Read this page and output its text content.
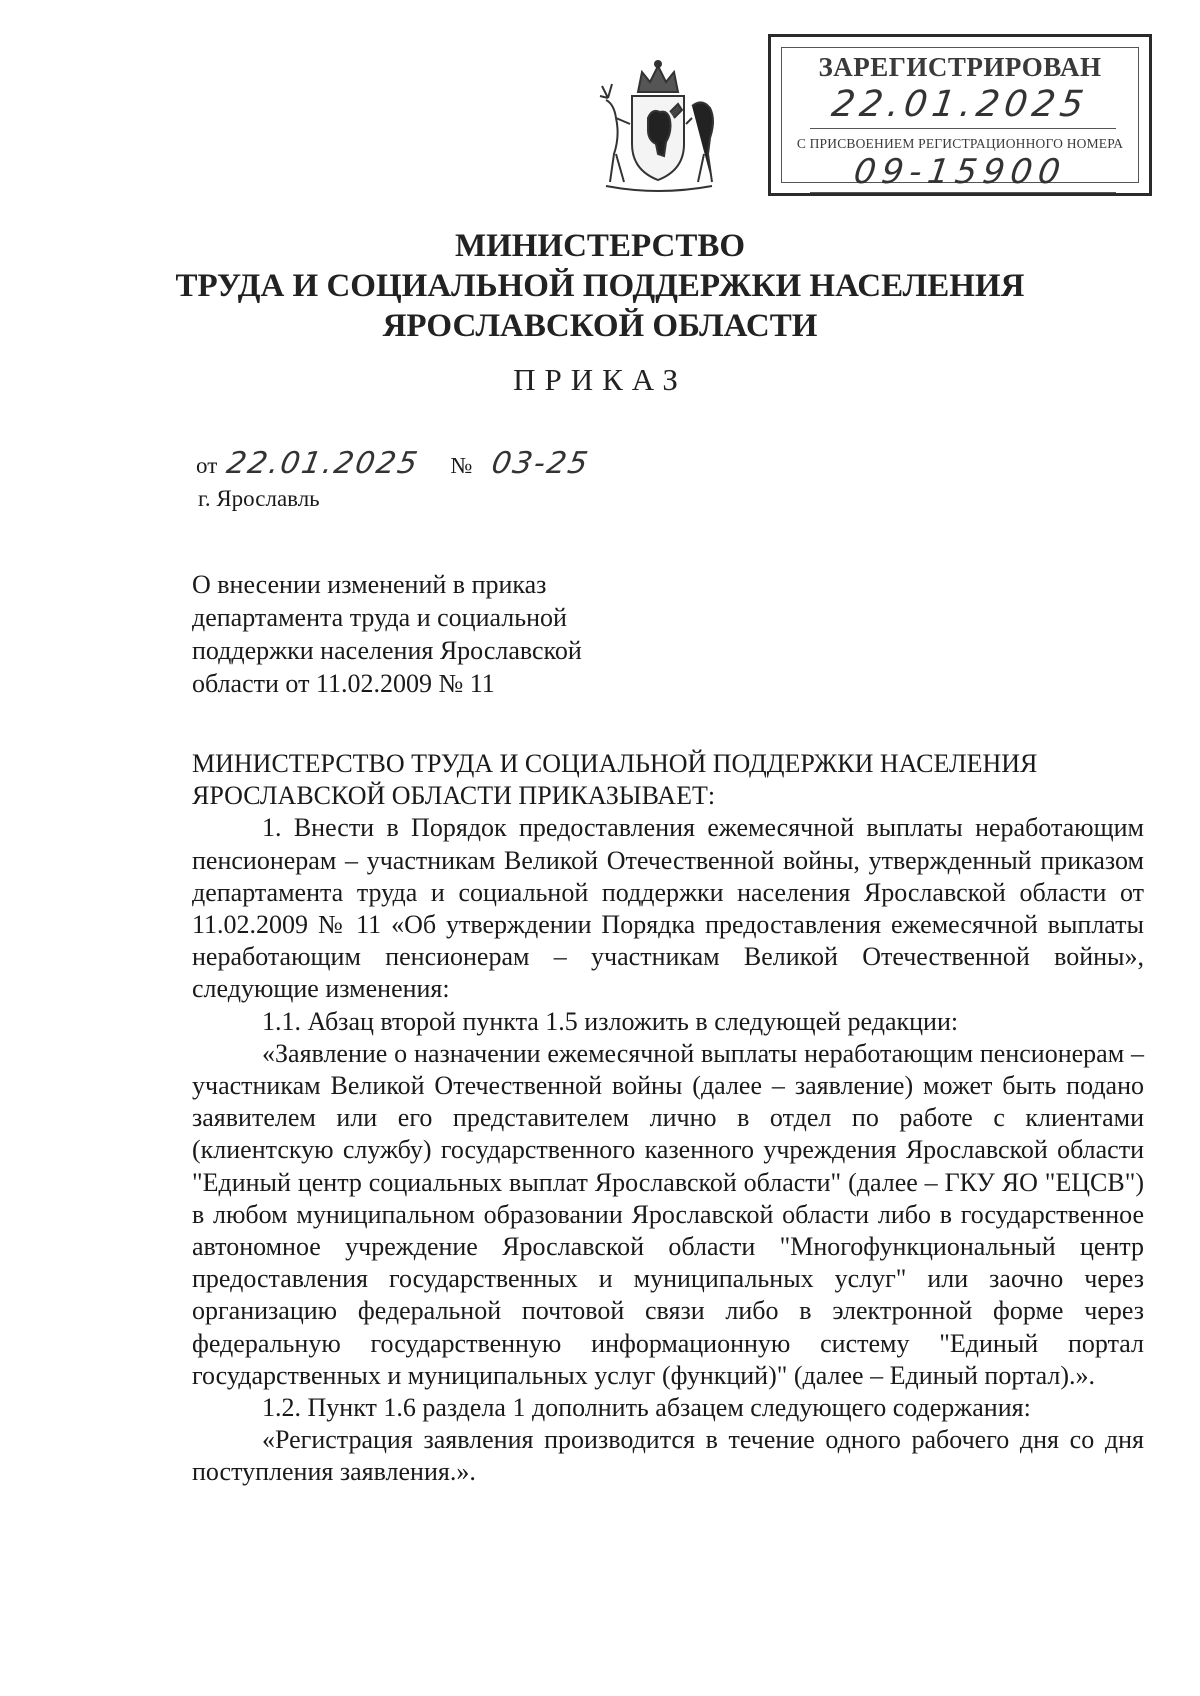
ЗАРЕГИСТРИРОВАН
22.01.2025
С ПРИСВОЕНИЕМ РЕГИСТРАЦИОННОГО НОМЕРА
09-15900
МИНИСТЕРСТВО
ТРУДА И СОЦИАЛЬНОЙ ПОДДЕРЖКИ НАСЕЛЕНИЯ
ЯРОСЛАВСКОЙ ОБЛАСТИ
ПРИКАЗ
от 22.01.2025 № 03-25
г. Ярославль
О внесении изменений в приказ
департамента труда и социальной
поддержки населения Ярославской
области от 11.02.2009 № 11

МИНИСТЕРСТВО ТРУДА И СОЦИАЛЬНОЙ ПОДДЕРЖКИ НАСЕЛЕНИЯ ЯРОСЛАВСКОЙ ОБЛАСТИ ПРИКАЗЫВАЕТ:

1. Внести в Порядок предоставления ежемесячной выплаты неработающим пенсионерам – участникам Великой Отечественной войны, утвержденный приказом департамента труда и социальной поддержки населения Ярославской области от 11.02.2009 № 11 «Об утверждении Порядка предоставления ежемесячной выплаты неработающим пенсионерам – участникам Великой Отечественной войны», следующие изменения:

1.1. Абзац второй пункта 1.5 изложить в следующей редакции:

«Заявление о назначении ежемесячной выплаты неработающим пенсионерам – участникам Великой Отечественной войны (далее – заявление) может быть подано заявителем или его представителем лично в отдел по работе с клиентами (клиентскую службу) государственного казенного учреждения Ярославской области "Единый центр социальных выплат Ярославской области" (далее – ГКУ ЯО "ЕЦСВ") в любом муниципальном образовании Ярославской области либо в государственное автономное учреждение Ярославской области "Многофункциональный центр предоставления государственных и муниципальных услуг" или заочно через организацию федеральной почтовой связи либо в электронной форме через федеральную государственную информационную систему "Единый портал государственных и муниципальных услуг (функций)" (далее – Единый портал).».

1.2. Пункт 1.6 раздела 1 дополнить абзацем следующего содержания:

«Регистрация заявления производится в течение одного рабочего дня со дня поступления заявления.».
